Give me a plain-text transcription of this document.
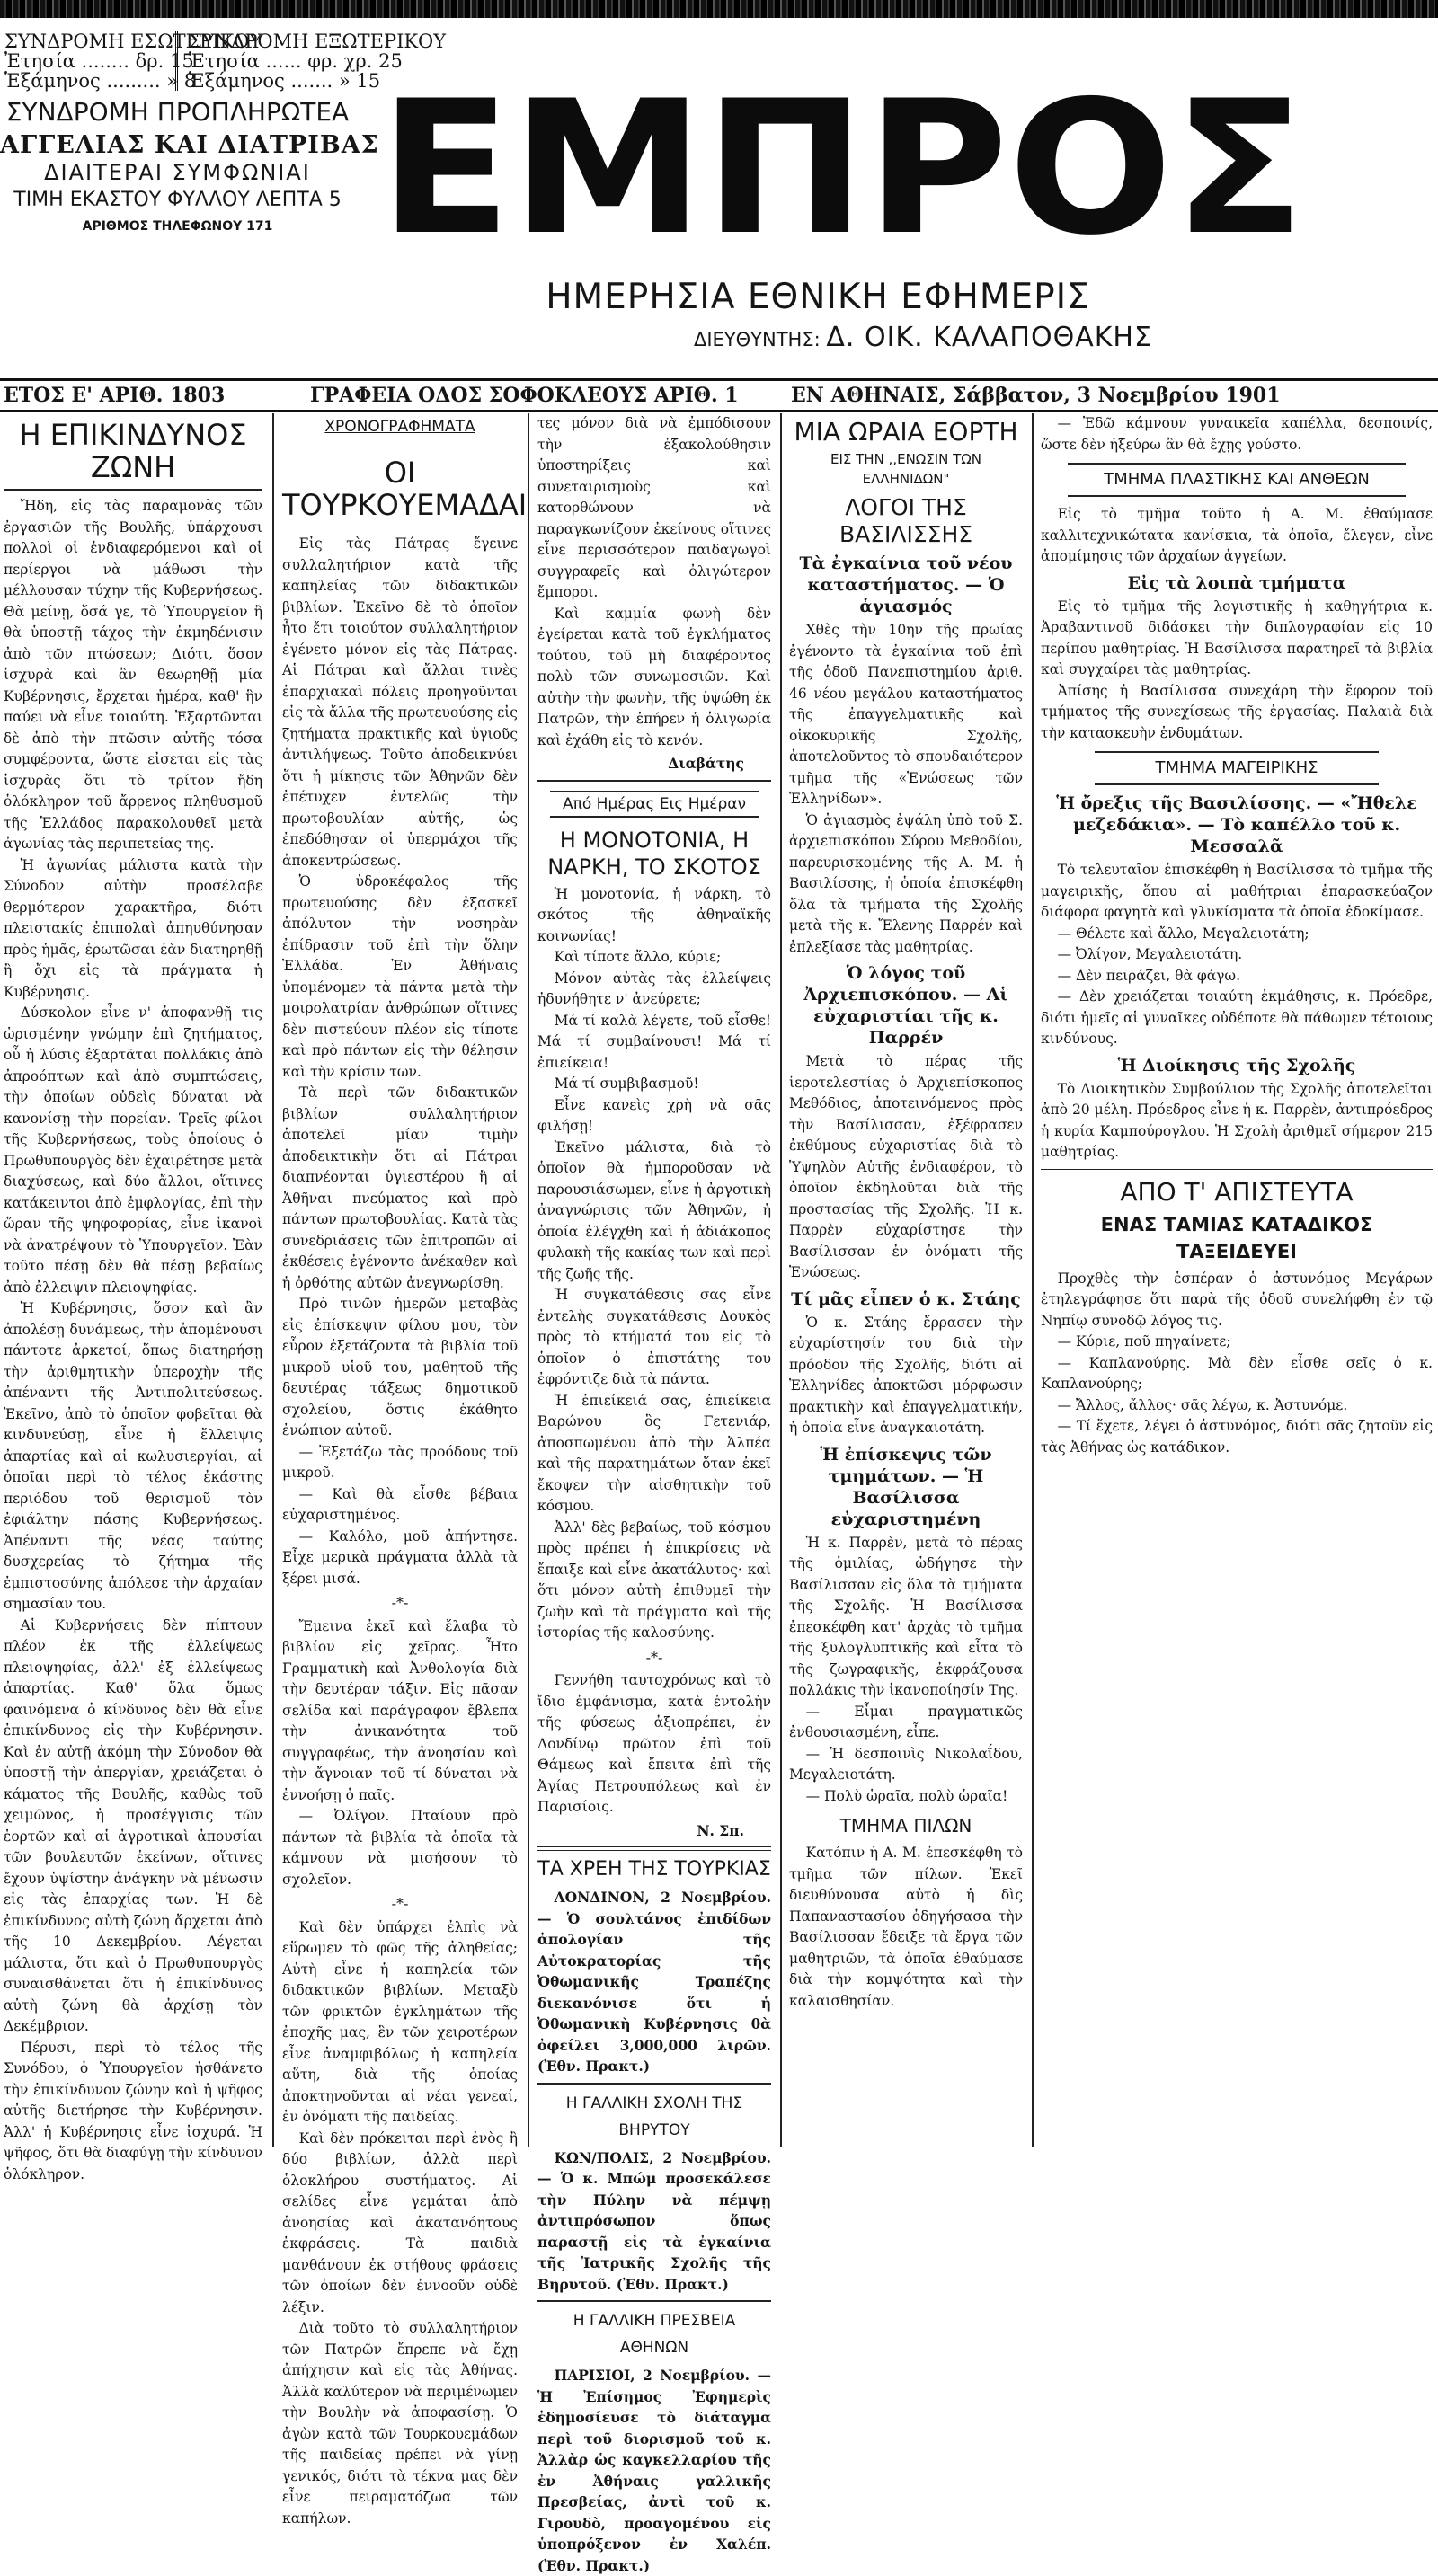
ΣΥΝΔΡΟΜΗ ΕΣΩΤΕΡΙΚΟΥ
ΣΥΝΔΡΟΜΗ ΕΞΩΤΕΡΙΚΟΥ
Ἐτησία ........ δρ. 15
Ἐτησία ...... φρ. χρ. 25
Ἑξάμηνος ......... » 8
Ἑξάμηνος ....... » 15
ΣΥΝΔΡΟΜΗ ΠΡΟΠΛΗΡΩΤΕΑ
ΑΓΓΕΛΙΑΣ ΚΑΙ ΔΙΑΤΡΙΒΑΣ
ΔΙΑΙΤΕΡΑΙ ΣΥΜΦΩΝΙΑΙ
ΤΙΜΗ ΕΚΑΣΤΟΥ ΦΥΛΛΟΥ ΛΕΠΤΑ 5
ΑΡΙΘΜΟΣ ΤΗΛΕΦΩΝΟΥ 171 ΕΜΠΡΟΣ
ΗΜΕΡΗΣΙΑ ΕΘΝΙΚΗ ΕΦΗΜΕΡΙΣ
ΔΙΕΥΘΥΝΤΗΣ: Δ. ΟΙΚ. ΚΑΛΑΠΟΘΑΚΗΣ
ΕΤΟΣ Ε' ΑΡΙΘ. 1803	ΓΡΑΦΕΙΑ ΟΔΟΣ ΣΟΦΟΚΛΕΟΥΣ ΑΡΙΘ. 1	ΕΝ ΑΘΗΝΑΙΣ, Σάββατον, 3 Νοεμβρίου 1901
Η ΕΠΙΚΙΝΔΥΝΟΣ ΖΩΝΗ

Ἤδη, εἰς τὰς παραμονὰς τῶν ἐργασιῶν τῆς Βουλῆς, ὑπάρχουσι πολλοὶ οἱ ἐνδιαφερόμενοι καὶ οἱ περίεργοι νὰ μάθωσι τὴν μέλλουσαν τύχην τῆς Κυβερνήσεως. Θὰ μείνῃ, ὅσά γε, τὸ Ὑπουργεῖον ἢ θὰ ὑποστῇ τάχος τὴν ἐκμηδένισιν ἀπὸ τῶν πτώσεων; Διότι, ὅσον ἰσχυρὰ καὶ ἂν θεωρηθῇ μία Κυβέρνησις, ἔρχεται ἡμέρα, καθ' ἣν παύει νὰ εἶνε τοιαύτη. Ἐξαρτῶνται δὲ ἀπὸ τὴν πτῶσιν αὐτῆς τόσα συμφέροντα, ὥστε εἰσεται εἰς τὰς ἰσχυρὰς ὅτι τὸ τρίτον ἤδη ὁλόκληρον τοῦ ἄρρενος πληθυσμοῦ τῆς Ἑλλάδος παρακολουθεῖ μετὰ ἀγωνίας τὰς περιπετείας της.

Ἡ ἀγωνίας μάλιστα κατὰ τὴν Σύνοδον αὐτὴν προσέλαβε θερμότερον χαρακτῆρα, διότι πλειστακίς ἐπιπολαὶ ἀπηυθύνησαν πρὸς ἡμᾶς, ἐρωτῶσαι ἐὰν διατηρηθῇ ἢ ὄχι εἰς τὰ πράγματα ἡ Κυβέρνησις.

Δύσκολον εἶνε ν' ἀποφανθῇ τις ὡρισμένην γνώμην ἐπὶ ζητήματος, οὗ ἡ λύσις ἐξαρτᾶται πολλάκις ἀπὸ ἀπροόπτων καὶ ἀπὸ συμπτώσεις, τὴν ὁποίων οὐδεὶς δύναται νὰ κανονίσῃ τὴν πορείαν. Τρεῖς φίλοι τῆς Κυβερνήσεως, τοὺς ὁποίους ὁ Πρωθυπουργὸς δὲν ἐχαιρέτησε μετὰ διαχύσεως, καὶ δύο ἄλλοι, οἵτινες κατάκειντοι ἀπὸ ἐμφλογίας, ἐπὶ τὴν ὥραν τῆς ψηφοφορίας, εἶνε ἱκανοὶ νὰ ἀνατρέψουν τὸ Ὑπουργεῖον. Ἐὰν τοῦτο πέσῃ δὲν θὰ πέσῃ βεβαίως ἀπὸ ἐλλειψιν πλειοψηφίας.

Ἡ Κυβέρνησις, ὅσον καὶ ἂν ἀπολέσῃ δυνάμεως, τὴν ἀπομένουσι πάντοτε ἀρκετοί, ὅπως διατηρήσῃ τὴν ἀριθμητικὴν ὑπεροχὴν τῆς ἀπέναντι τῆς Ἀντιπολιτεύσεως. Ἐκεῖνο, ἀπὸ τὸ ὁποῖον φοβεῖται θὰ κινδυνεύσῃ, εἶνε ἡ ἔλλειψις ἀπαρτίας καὶ αἱ κωλυσιεργίαι, αἱ ὁποῖαι περὶ τὸ τέλος ἐκάστης περιόδου τοῦ θερισμοῦ τὸν ἐφιάλτην πάσης Κυβερνήσεως. Ἀπέναντι τῆς νέας ταύτης δυσχερείας τὸ ζήτημα τῆς ἐμπιστοσύνης ἀπόλεσε τὴν ἀρχαίαν σημασίαν του.

Αἱ Κυβερνήσεις δὲν πίπτουν πλέον ἐκ τῆς ἐλλείψεως πλειοψηφίας, ἀλλ' ἐξ ἐλλείψεως ἀπαρτίας. Καθ' ὅλα ὅμως φαινόμενα ὁ κίνδυνος δὲν θὰ εἶνε ἐπικίνδυνος εἰς τὴν Κυβέρνησιν. Καὶ ἐν αὐτῇ ἀκόμη τὴν Σύνοδον θὰ ὑποστῇ τὴν ἀπεργίαν, χρειάζεται ὁ κάματος τῆς Βουλῆς, καθὼς τοῦ χειμῶνος, ἡ προσέγγισις τῶν ἑορτῶν καὶ αἱ ἀγροτικαὶ ἀπουσίαι τῶν βουλευτῶν ἐκείνων, οἵτινες ἔχουν ὑψίστην ἀνάγκην νὰ μένωσιν εἰς τὰς ἐπαρχίας των. Ἡ δὲ ἐπικίνδυνος αὐτὴ ζώνη ἄρχεται ἀπὸ τῆς 10 Δεκεμβρίου. Λέγεται μάλιστα, ὅτι καὶ ὁ Πρωθυπουργὸς συναισθάνεται ὅτι ἡ ἐπικίνδυνος αὐτὴ ζώνη θὰ ἀρχίσῃ τὸν Δεκέμβριον.

Πέρυσι, περὶ τὸ τέλος τῆς Συνόδου, ὁ Ὑπουργεῖον ἠσθάνετο τὴν ἐπικίνδυνον ζώνην καὶ ἡ ψῆφος αὐτῆς διετήρησε τὴν Κυβέρνησιν. Ἀλλ' ἡ Κυβέρνησις εἶνε ἰσχυρά. Ἡ ψῆφος, ὅτι θὰ διαφύγῃ τὴν κίνδυνον ὁλόκληρον.

ΧΡΟΝΟΓΡΑΦΗΜΑΤΑ
ΟΙ ΤΟΥΡΚΟΥΕΜΑΔΑΙ

Εἰς τὰς Πάτρας ἔγεινε συλλαλητήριον κατὰ τῆς καπηλείας τῶν διδακτικῶν βιβλίων. Ἐκεῖνο δὲ τὸ ὁποῖον ἦτο ἔτι τοιούτον συλλαλητήριον ἐγένετο μόνον εἰς τὰς Πάτρας. Αἱ Πάτραι καὶ ἄλλαι τινὲς ἐπαρχιακαὶ πόλεις προηγοῦνται εἰς τὰ ἄλλα τῆς πρωτευούσης εἰς ζητήματα πρακτικῆς καὶ ὑγιοῦς ἀντιλήψεως. Τοῦτο ἀποδεικνύει ὅτι ἡ μίκησις τῶν Ἀθηνῶν δὲν ἐπέτυχεν ἐντελῶς τὴν πρωτοβουλίαν αὐτῆς, ὡς ἐπεδόθησαν οἱ ὑπερμάχοι τῆς ἀποκεντρώσεως.

Ὁ ὑδροκέφαλος τῆς πρωτευούσης δὲν ἐξασκεῖ ἀπόλυτον τὴν νοσηρὰν ἐπίδρασιν τοῦ ἐπὶ τὴν ὅλην Ἑλλάδα. Ἐν Ἀθήναις ὑπομένομεν τὰ πάντα μετὰ τὴν μοιρολατρίαν ἀνθρώπων οἵτινες δὲν πιστεύουν πλέον εἰς τίποτε καὶ πρὸ πάντων εἰς τὴν θέλησιν καὶ τὴν κρίσιν των.

Τὰ περὶ τῶν διδακτικῶν βιβλίων συλλαλητήριον ἀποτελεῖ μίαν τιμὴν ἀποδεικτικὴν ὅτι αἱ Πάτραι διαπνέονται ὑγιεστέρου ἢ αἱ Ἀθῆναι πνεύματος καὶ πρὸ πάντων πρωτοβουλίας. Κατὰ τὰς συνεδριάσεις τῶν ἐπιτροπῶν αἱ ἐκθέσεις ἐγένοντο ἀνέκαθεν καὶ ἡ ὀρθότης αὐτῶν ἀνεγνωρίσθη.

Πρὸ τινῶν ἡμερῶν μεταβὰς εἰς ἐπίσκεψιν φίλου μου, τὸν εὗρον ἐξετάζοντα τὰ βιβλία τοῦ μικροῦ υἱοῦ του, μαθητοῦ τῆς δευτέρας τάξεως δημοτικοῦ σχολείου, ὅστις ἐκάθητο ἐνώπιον αὐτοῦ.

— Ἐξετάζω τὰς προόδους τοῦ μικροῦ.

— Καὶ θὰ εἶσθε βέβαια εὐχαριστημένος.

— Καλόλο, μοῦ ἀπήντησε. Εἶχε μερικὰ πράγματα ἀλλὰ τὰ ξέρει μισά.

-*-

Ἔμεινα ἐκεῖ καὶ ἔλαβα τὸ βιβλίον εἰς χεῖρας. Ἦτο Γραμματικὴ καὶ Ἀνθολογία διὰ τὴν δευτέραν τάξιν. Εἰς πᾶσαν σελίδα καὶ παράγραφον ἔβλεπα τὴν ἀνικανότητα τοῦ συγγραφέως, τὴν ἀνοησίαν καὶ τὴν ἄγνοιαν τοῦ τί δύναται νὰ ἐννοήσῃ ὁ παῖς.

— Ὀλίγον. Πταίουν πρὸ πάντων τὰ βιβλία τὰ ὁποῖα τὰ κάμνουν νὰ μισήσουν τὸ σχολεῖον.

-*-

Καὶ δὲν ὑπάρχει ἐλπὶς νὰ εὕρωμεν τὸ φῶς τῆς ἀληθείας; Αὐτὴ εἶνε ἡ καπηλεία τῶν διδακτικῶν βιβλίων. Μεταξὺ τῶν φρικτῶν ἐγκλημάτων τῆς ἐποχῆς μας, ἓν τῶν χειροτέρων εἶνε ἀναμφιβόλως ἡ καπηλεία αὕτη, διὰ τῆς ὁποίας ἀποκτηνοῦνται αἱ νέαι γενεαί, ἐν ὀνόματι τῆς παιδείας.

Καὶ δὲν πρόκειται περὶ ἐνὸς ἢ δύο βιβλίων, ἀλλὰ περὶ ὁλοκλήρου συστήματος. Αἱ σελίδες εἶνε γεμάται ἀπὸ ἀνοησίας καὶ ἀκατανόητους ἐκφράσεις. Τὰ παιδιὰ μανθάνουν ἐκ στήθους φράσεις τῶν ὁποίων δὲν ἐννοοῦν οὐδὲ λέξιν.

Διὰ τοῦτο τὸ συλλαλητήριον τῶν Πατρῶν ἔπρεπε νὰ ἔχῃ ἀπήχησιν καὶ εἰς τὰς Ἀθήνας. Ἀλλὰ καλύτερον νὰ περιμένωμεν τὴν Βουλὴν νὰ ἀποφασίσῃ. Ὁ ἀγὼν κατὰ τῶν Τουρκουεμάδων τῆς παιδείας πρέπει νὰ γίνῃ γενικός, διότι τὰ τέκνα μας δὲν εἶνε πειραματόζωα τῶν καπήλων.

τες μόνον διὰ νὰ ἐμπόδισουν τὴν ἐξακολούθησιν ὑποστηρίξεις καὶ συνεταιρισμοὺς καὶ κατορθώνουν νὰ παραγκωνίζουν ἐκείνους οἵτινες εἶνε περισσότερον παιδαγωγοὶ συγγραφεῖς καὶ ὀλιγώτερον ἔμποροι.

Καὶ καμμία φωνὴ δὲν ἐγείρεται κατὰ τοῦ ἐγκλήματος τούτου, τοῦ μὴ διαφέροντος πολὺ τῶν συνωμοσιῶν. Καὶ αὐτὴν τὴν φωνὴν, τῆς ὑψώθη ἐκ Πατρῶν, τὴν ἐπήρεν ἡ ὀλιγωρία καὶ ἐχάθη εἰς τὸ κενόν.

Διαβάτης
Από Ημέρας Εις Ημέραν
Η ΜΟΝΟΤΟΝΙΑ, Η ΝΑΡΚΗ, ΤΟ ΣΚΟΤΟΣ

Ἡ μονοτονία, ἡ νάρκη, τὸ σκότος τῆς ἀθηναϊκῆς κοινωνίας!

Καὶ τίποτε ἄλλο, κύριε;

Μόνον αὐτὰς τὰς ἐλλείψεις ἠδυνήθητε ν' ἀνεύρετε;

Μά τί καλὰ λέγετε, τοῦ εἶσθε! Μά τί συμβαίνουσι! Μά τί ἐπιείκεια!

Μά τί συμβιβασμοῦ!

Εἶνε κανεὶς χρὴ νὰ σᾶς φιλήσῃ!

Ἐκεῖνο μάλιστα, διὰ τὸ ὁποῖον θὰ ἠμποροῦσαν νὰ παρουσιάσωμεν, εἶνε ἡ ἀργοτικὴ ἀναγνώρισις τῶν Ἀθηνῶν, ἡ ὁποία ἐλέγχθη καὶ ἡ ἀδιάκοπος φυλακὴ τῆς κακίας των καὶ περὶ τῆς ζωῆς τῆς.

Ἡ συγκατάθεσις σας εἶνε ἐντελὴς συγκατάθεσις Δουκὸς πρὸς τὸ κτήματά του εἰς τὸ ὁποῖον ὁ ἐπιστάτης του ἐφρόντιζε διὰ τὰ πάντα.

Ἡ ἐπιείκειά σας, ἐπιείκεια Βαρώνου ὃς Γετενιάρ, ἀποσπωμένου ἀπὸ τὴν Ἀλπέα καὶ τῆς παρατημάτων ὅταν ἐκεῖ ἔκοψεν τὴν αἰσθητικὴν τοῦ κόσμου.

Ἀλλ' δὲς βεβαίως, τοῦ κόσμου πρὸς πρέπει ἡ ἐπικρίσεις νὰ ἔπαιξε καὶ εἶνε ἀκατάλυτος· καὶ ὅτι μόνον αὐτὴ ἐπιθυμεῖ τὴν ζωὴν καὶ τὰ πράγματα καὶ τῆς ἱστορίας τῆς καλοσύνης.

-*-

Γεννήθη ταυτοχρόνως καὶ τὸ ἴδιο ἐμφάνισμα, κατὰ ἐντολὴν τῆς φύσεως ἀξιοπρέπει, ἐν Λονδίνῳ πρῶτον ἐπὶ τοῦ Θάμεως καὶ ἔπειτα ἐπὶ τῆς Ἀγίας Πετρουπόλεως καὶ ἐν Παρισίοις.

Ν. Σπ.
ΤΑ ΧΡΕΗ ΤΗΣ ΤΟΥΡΚΙΑΣ

ΛΟΝΔΙΝΟΝ, 2 Νοεμβρίου. — Ὁ σουλτάνος ἐπιδίδων ἀπολογίαν τῆς Αὐτοκρατορίας τῆς Ὀθωμανικῆς Τραπέζης διεκανόνισε ὅτι ἡ Ὀθωμανικὴ Κυβέρνησις θὰ ὀφείλει 3,000,000 λιρῶν. (Ἐθν. Πρακτ.)

Η ΓΑΛΛΙΚΗ ΣΧΟΛΗ ΤΗΣ ΒΗΡΥΤΟΥ

ΚΩΝ/ΠΟΛΙΣ, 2 Νοεμβρίου. — Ὁ κ. Μπώμ προσεκάλεσε τὴν Πύλην νὰ πέμψῃ ἀντιπρόσωπον ὅπως παραστῇ εἰς τὰ ἐγκαίνια τῆς Ἰατρικῆς Σχολῆς τῆς Βηρυτοῦ. (Ἐθν. Πρακτ.)

Η ΓΑΛΛΙΚΗ ΠΡΕΣΒΕΙΑ ΑΘΗΝΩΝ

ΠΑΡΙΣΙΟΙ, 2 Νοεμβρίου. — Ἡ Ἐπίσημος Ἐφημερὶς ἐδημοσίευσε τὸ διάταγμα περὶ τοῦ διορισμοῦ τοῦ κ. Ἀλλὰρ ὡς καγκελλαρίου τῆς ἐν Ἀθήναις γαλλικῆς Πρεσβείας, ἀντὶ τοῦ κ. Γιρουδὸ, προαγομένου εἰς ὑποπρόξενον ἐν Χαλέπ. (Ἐθν. Πρακτ.)

ΜΙΑ ΩΡΑΙΑ ΕΟΡΤΗ
ΕΙΣ ΤΗΝ ,,ΕΝΩΣΙΝ ΤΩΝ ΕΛΛΗΝΙΔΩΝ"
ΛΟΓΟΙ ΤΗΣ ΒΑΣΙΛΙΣΣΗΣ
Τὰ ἐγκαίνια τοῦ νέου καταστήματος. — Ὁ ἁγιασμός

Χθὲς τὴν 10ην τῆς πρωίας ἐγένοντο τὰ ἐγκαίνια τοῦ ἐπὶ τῆς ὁδοῦ Πανεπιστημίου ἀριθ. 46 νέου μεγάλου καταστήματος τῆς ἐπαγγελματικῆς καὶ οἰκοκυρικῆς Σχολῆς, ἀποτελοῦντος τὸ σπουδαιότερον τμῆμα τῆς «Ἑνώσεως τῶν Ἑλληνίδων».

Ὁ ἁγιασμὸς ἐψάλη ὑπὸ τοῦ Σ. ἀρχιεπισκόπου Σύρου Μεθοδίου, παρευρισκομένης τῆς Α. Μ. ἡ Βασιλίσσης, ἡ ὁποία ἐπισκέφθη ὅλα τὰ τμήματα τῆς Σχολῆς μετὰ τῆς κ. Ἔλενης Παρρέν καὶ ἐπλεξίασε τὰς μαθητρίας.

Ὁ λόγος τοῦ Ἀρχιεπισκόπου. — Αἱ εὐχαριστίαι τῆς κ. Παρρέν

Μετὰ τὸ πέρας τῆς ἱεροτελεστίας ὁ Ἀρχιεπίσκοπος Μεθόδιος, ἀποτεινόμενος πρὸς τὴν Βασίλισσαν, ἐξέφρασεν ἐκθύμους εὐχαριστίας διὰ τὸ Ὑψηλὸν Αὐτῆς ἐνδιαφέρον, τὸ ὁποῖον ἐκδηλοῦται διὰ τῆς προστασίας τῆς Σχολῆς. Ἡ κ. Παρρὲν εὐχαρίστησε τὴν Βασίλισσαν ἐν ὀνόματι τῆς Ἑνώσεως.

Τί μᾶς εἶπεν ὁ κ. Στάης

Ὁ κ. Στάης ἔρρασεν τὴν εὐχαρίστησίν του διὰ τὴν πρόοδον τῆς Σχολῆς, διότι αἱ Ἑλληνίδες ἀποκτῶσι μόρφωσιν πρακτικὴν καὶ ἐπαγγελματικήν, ἡ ὁποία εἶνε ἀναγκαιοτάτη.

Ἡ ἐπίσκεψις τῶν τμημάτων. — Ἡ Βασίλισσα εὐχαριστημένη

Ἡ κ. Παρρὲν, μετὰ τὸ πέρας τῆς ὁμιλίας, ὡδήγησε τὴν Βασίλισσαν εἰς ὅλα τὰ τμήματα τῆς Σχολῆς. Ἡ Βασίλισσα ἐπεσκέφθη κατ' ἀρχὰς τὸ τμῆμα τῆς ξυλογλυπτικῆς καὶ εἶτα τὸ τῆς ζωγραφικῆς, ἐκφράζουσα πολλάκις τὴν ἱκανοποίησίν Της.

— Εἶμαι πραγματικῶς ἐνθουσιασμένη, εἶπε.

— Ἡ δεσποινὶς Νικολαΐδου, Μεγαλειοτάτη.

— Πολὺ ὡραῖα, πολὺ ὡραῖα!

ΤΜΗΜΑ ΠΙΛΩΝ

Κατόπιν ἡ Α. Μ. ἐπεσκέφθη τὸ τμῆμα τῶν πίλων. Ἐκεῖ διευθύνουσα αὐτὸ ἡ δὶς Παπαναστασίου ὁδηγήσασα τὴν Βασίλισσαν ἔδειξε τὰ ἔργα τῶν μαθητριῶν, τὰ ὁποῖα ἐθαύμασε διὰ τὴν κομψότητα καὶ τὴν καλαισθησίαν.

— Ἐδῶ κάμνουν γυναικεῖα καπέλλα, δεσποινίς, ὥστε δὲν ἠξεύρω ἂν θὰ ἔχῃς γούστο.

ΤΜΗΜΑ ΠΛΑΣΤΙΚΗΣ ΚΑΙ ΑΝΘΕΩΝ

Εἰς τὸ τμῆμα τοῦτο ἡ Α. Μ. ἐθαύμασε καλλιτεχνικώτατα κανίσκια, τὰ ὁποῖα, ἔλεγεν, εἶνε ἀπομίμησις τῶν ἀρχαίων ἀγγείων.

Εἰς τὰ λοιπὰ τμήματα

Εἰς τὸ τμῆμα τῆς λογιστικῆς ἡ καθηγήτρια κ. Ἀραβαντινοῦ διδάσκει τὴν διπλογραφίαν εἰς 10 περίπου μαθητρίας. Ἡ Βασίλισσα παρατηρεῖ τὰ βιβλία καὶ συγχαίρει τὰς μαθητρίας.

Ἀπίσης ἡ Βασίλισσα συνεχάρη τὴν ἔφορον τοῦ τμήματος τῆς συνεχίσεως τῆς ἐργασίας. Παλαιὰ διὰ τὴν κατασκευὴν ἐνδυμάτων.

ΤΜΗΜΑ ΜΑΓΕΙΡΙΚΗΣ
Ἡ ὄρεξις τῆς Βασιλίσσης. — «Ἤθελε μεζεδάκια». — Τὸ καπέλλο τοῦ κ. Μεσσαλᾶ

Τὸ τελευταῖον ἐπισκέφθη ἡ Βασίλισσα τὸ τμῆμα τῆς μαγειρικῆς, ὅπου αἱ μαθήτριαι ἐπαρασκεύαζον διάφορα φαγητὰ καὶ γλυκίσματα τὰ ὁποῖα ἐδοκίμασε.

— Θέλετε καὶ ἄλλο, Μεγαλειοτάτη;

— Ὀλίγον, Μεγαλειοτάτη.

— Δὲν πειράζει, θὰ φάγω.

— Δὲν χρειάζεται τοιαύτη ἐκμάθησις, κ. Πρόεδρε, διότι ἡμεῖς αἱ γυναῖκες οὐδέποτε θὰ πάθωμεν τέτοιους κινδύνους.

Ἡ Διοίκησις τῆς Σχολῆς

Τὸ Διοικητικὸν Συμβούλιον τῆς Σχολῆς ἀποτελεῖται ἀπὸ 20 μέλη. Πρόεδρος εἶνε ἡ κ. Παρρὲν, ἀντιπρόεδρος ἡ κυρία Καμπούρογλου. Ἡ Σχολὴ ἀριθμεῖ σήμερον 215 μαθητρίας.

ΑΠΟ Τ' ΑΠΙΣΤΕΥΤΑ
ΕΝΑΣ ΤΑΜΙΑΣ ΚΑΤΑΔΙΚΟΣ ΤΑΞΕΙΔΕΥΕΙ

Προχθὲς τὴν ἑσπέραν ὁ ἀστυνόμος Μεγάρων ἐτηλεγράφησε ὅτι παρὰ τῆς ὁδοῦ συνελήφθη ἐν τῷ Νηπίῳ συνοδῷ λόγος τις.

— Κύριε, ποῦ πηγαίνετε;

— Καπλανούρης. Μὰ δὲν εἶσθε σεῖς ὁ κ. Καπλανούρης;

— Ἄλλος, ἄλλος· σᾶς λέγω, κ. Ἀστυνόμε.

— Τί ἔχετε, λέγει ὁ ἀστυνόμος, διότι σᾶς ζητοῦν εἰς τὰς Ἀθήνας ὡς κατάδικον.
